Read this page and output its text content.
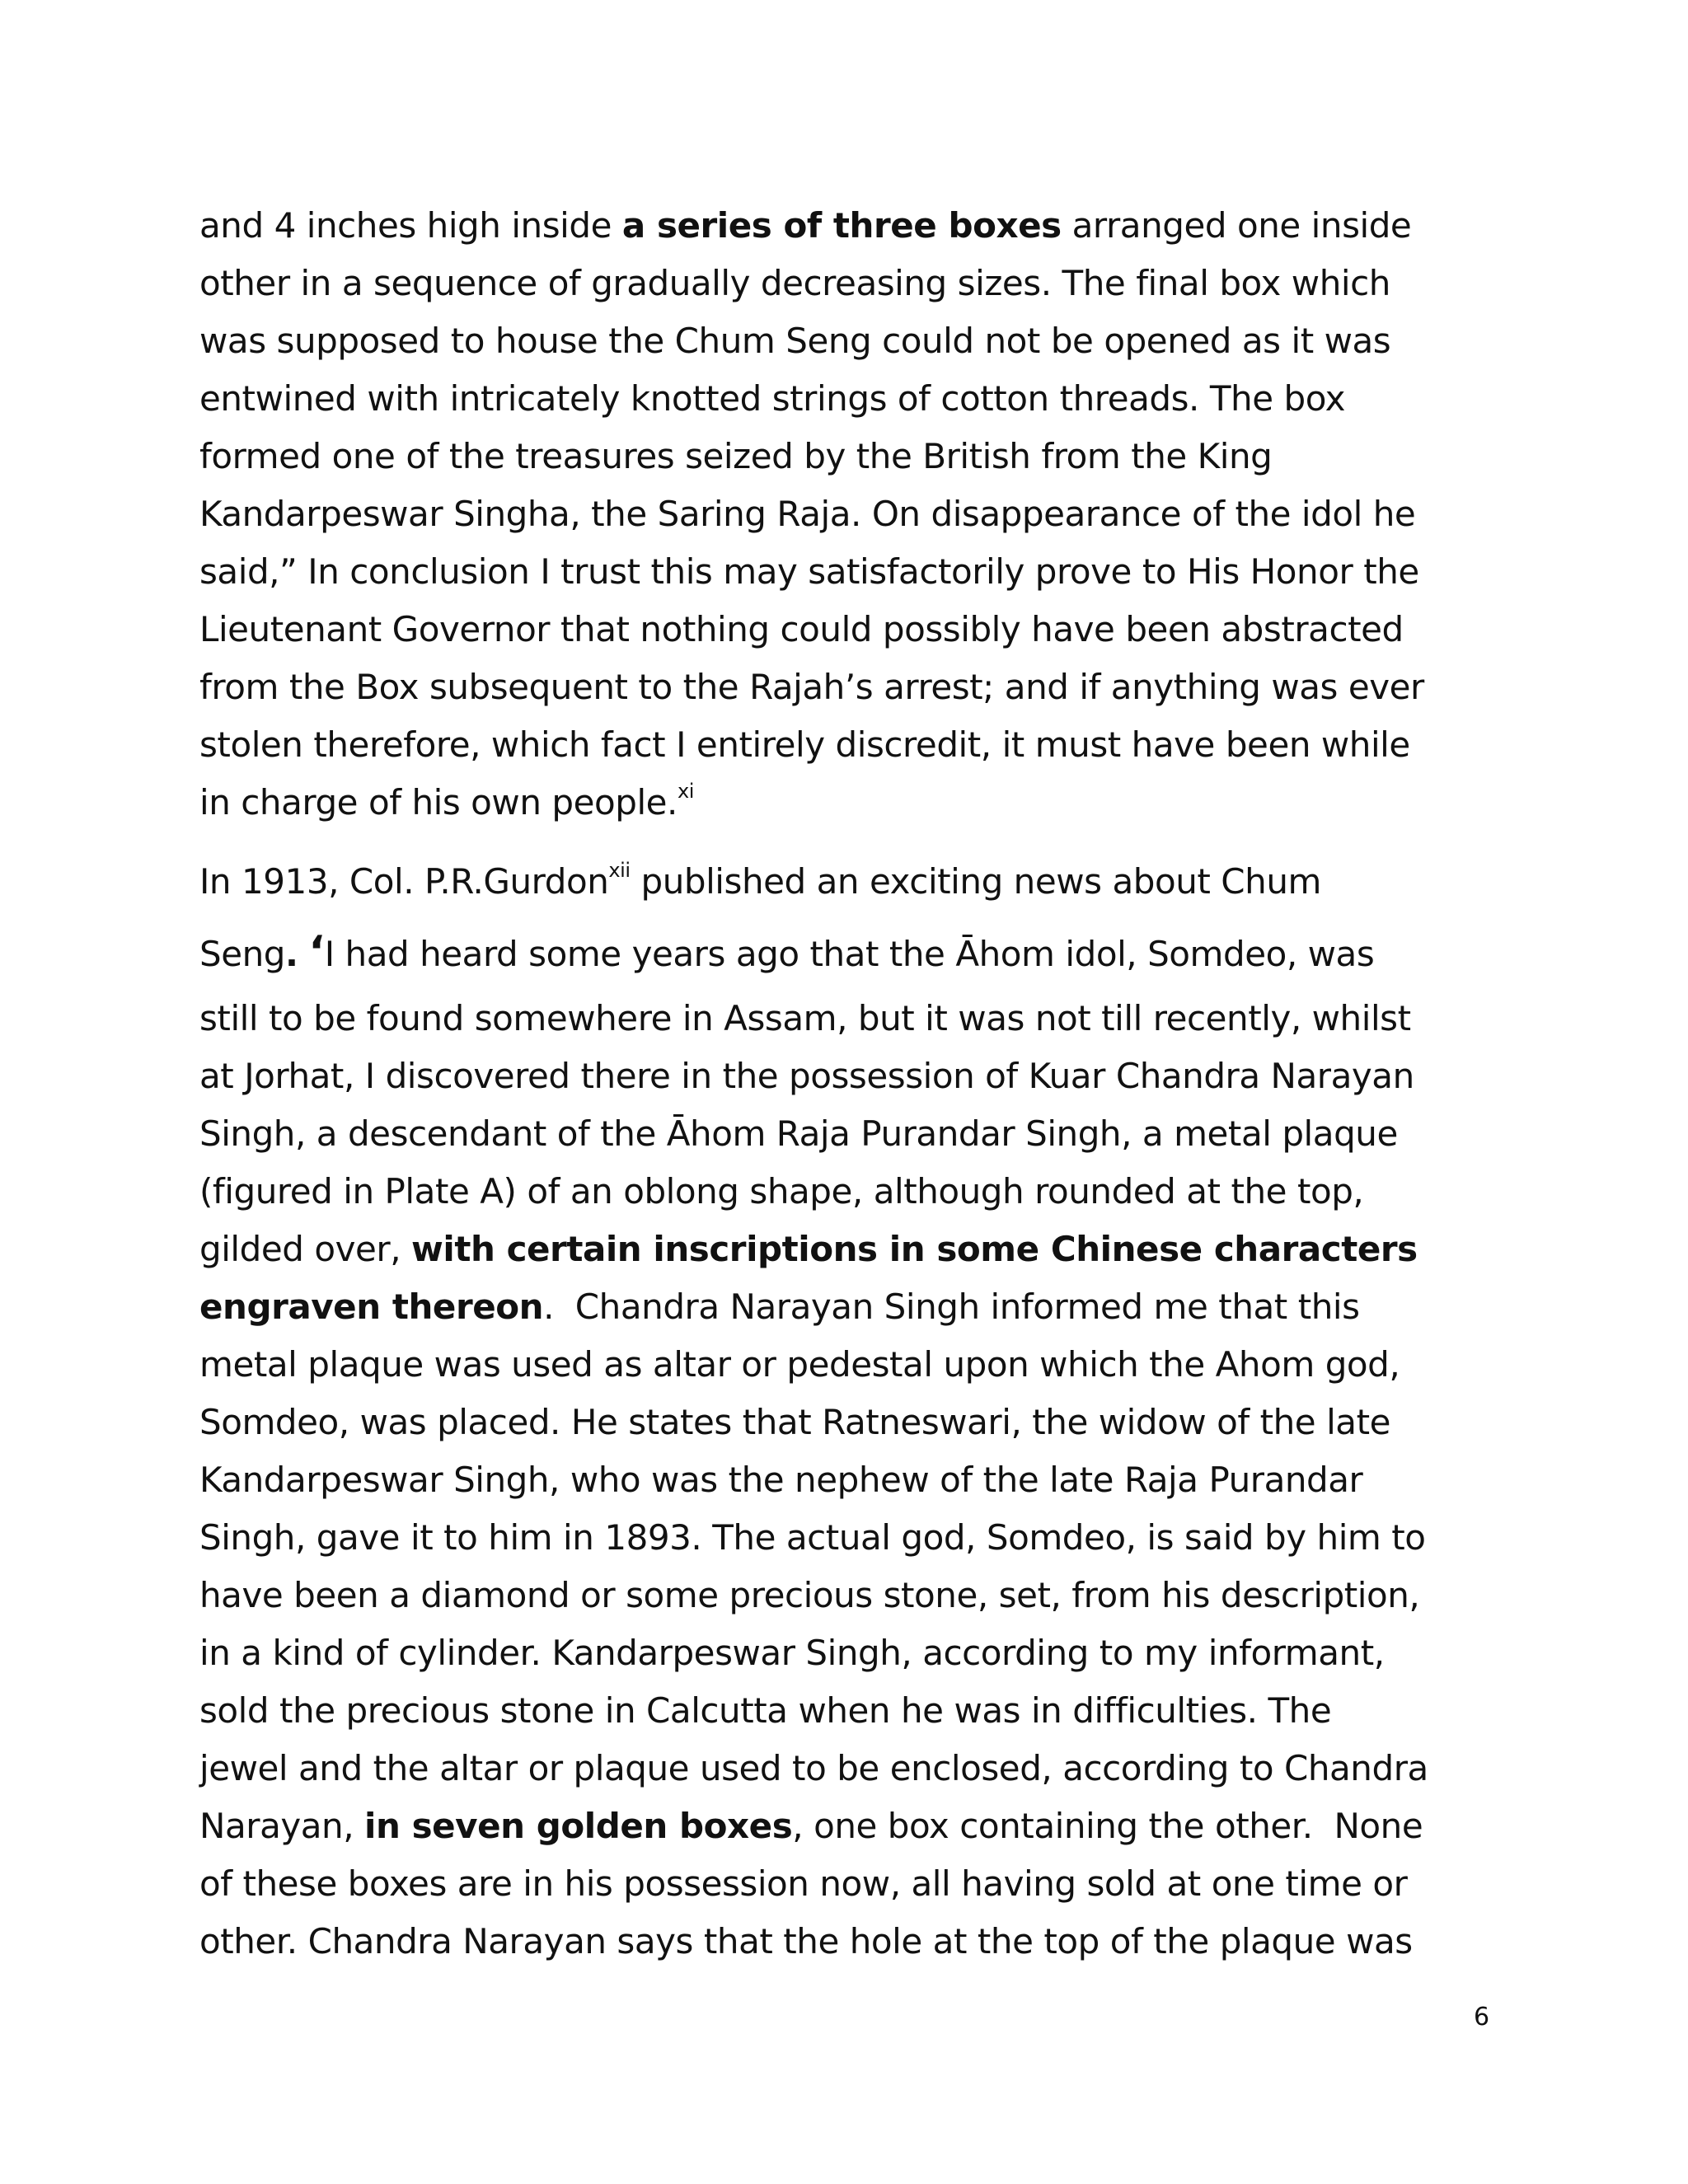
and 4 inches high inside a series of three boxes arranged one inside
other in a sequence of gradually decreasing sizes. The final box which
was supposed to house the Chum Seng could not be opened as it was
entwined with intricately knotted strings of cotton threads. The box
formed one of the treasures seized by the British from the King
Kandarpeswar Singha, the Saring Raja. On disappearance of the idol he
said,” In conclusion I trust this may satisfactorily prove to His Honor the
Lieutenant Governor that nothing could possibly have been abstracted
from the Box subsequent to the Rajah’s arrest; and if anything was ever
stolen therefore, which fact I entirely discredit, it must have been while
in charge of his own people.$^{xi}$
In 1913, Col. P.R.Gurdon$^{xii}$ published an exciting news about Chum
Seng. ‘I had heard some years ago that the Āhom idol, Somdeo, was
still to be found somewhere in Assam, but it was not till recently, whilst
at Jorhat, I discovered there in the possession of Kuar Chandra Narayan
Singh, a descendant of the Āhom Raja Purandar Singh, a metal plaque
(figured in Plate A) of an oblong shape, although rounded at the top,
gilded over, with certain inscriptions in some Chinese characters
engraven thereon.  Chandra Narayan Singh informed me that this
metal plaque was used as altar or pedestal upon which the Ahom god,
Somdeo, was placed. He states that Ratneswari, the widow of the late
Kandarpeswar Singh, who was the nephew of the late Raja Purandar
Singh, gave it to him in 1893. The actual god, Somdeo, is said by him to
have been a diamond or some precious stone, set, from his description,
in a kind of cylinder. Kandarpeswar Singh, according to my informant,
sold the precious stone in Calcutta when he was in difficulties. The
jewel and the altar or plaque used to be enclosed, according to Chandra
Narayan, in seven golden boxes, one box containing the other.  None
of these boxes are in his possession now, all having sold at one time or
other. Chandra Narayan says that the hole at the top of the plaque was
6
